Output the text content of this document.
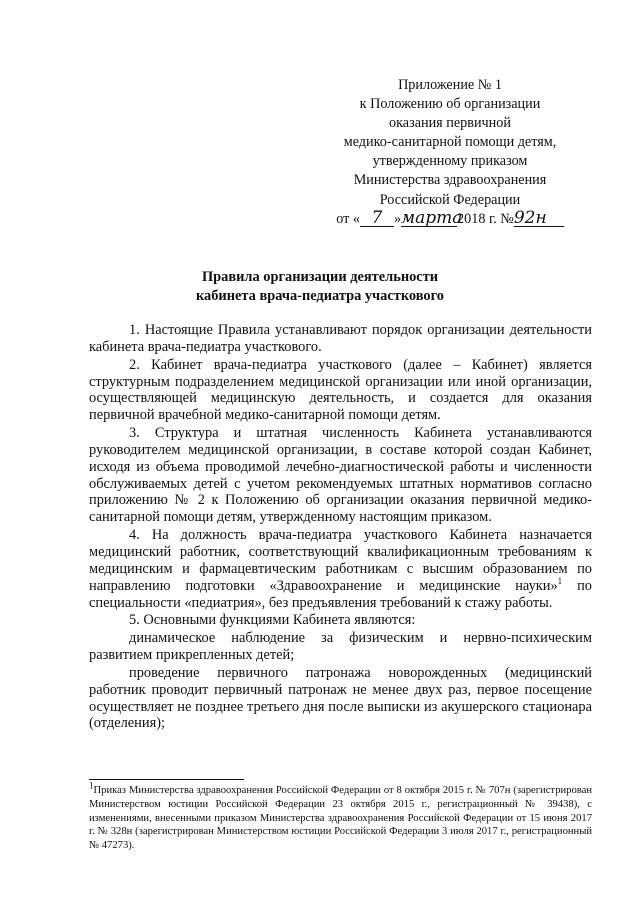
Приложение № 1
к Положению об организации
оказания первичной
медико-санитарной помощи детям,
утвержденному приказом
Министерства здравоохранения
Российской Федерации
от « 7 »марта2018 г. №92н
Правила организации деятельности
кабинета врача-педиатра участкового

1. Настоящие Правила устанавливают порядок организации деятельности кабинета врача-педиатра участкового.

2. Кабинет врача-педиатра участкового (далее – Кабинет) является структурным подразделением медицинской организации или иной организации, осуществляющей медицинскую деятельность, и создается для оказания первичной врачебной медико-санитарной помощи детям.

3. Структура и штатная численность Кабинета устанавливаются руководителем медицинской организации, в составе которой создан Кабинет, исходя из объема проводимой лечебно-диагностической работы и численности обслуживаемых детей с учетом рекомендуемых штатных нормативов согласно приложению № 2 к Положению об организации оказания первичной медико-санитарной помощи детям, утвержденному настоящим приказом.

4. На должность врача-педиатра участкового Кабинета назначается медицинский работник, соответствующий квалификационным требованиям к медицинским и фармацевтическим работникам с высшим образованием по направлению подготовки «Здравоохранение и медицинские науки»$^1$ по специальности «педиатрия», без предъявления требований к стажу работы.

5. Основными функциями Кабинета являются:

динамическое наблюдение за физическим и нервно-психическим развитием прикрепленных детей;

проведение первичного патронажа новорожденных (медицинский работник проводит первичный патронаж не менее двух раз, первое посещение осуществляет не позднее третьего дня после выписки из акушерского стационара (отделения);

$^1$Приказ Министерства здравоохранения Российской Федерации от 8 октября 2015 г. № 707н (зарегистрирован Министерством юстиции Российской Федерации 23 октября 2015 г., регистрационный № 39438), с изменениями, внесенными приказом Министерства здравоохранения Российской Федерации от 15 июня 2017 г. № 328н (зарегистрирован Министерством юстиции Российской Федерации 3 июля 2017 г., регистрационный № 47273).
